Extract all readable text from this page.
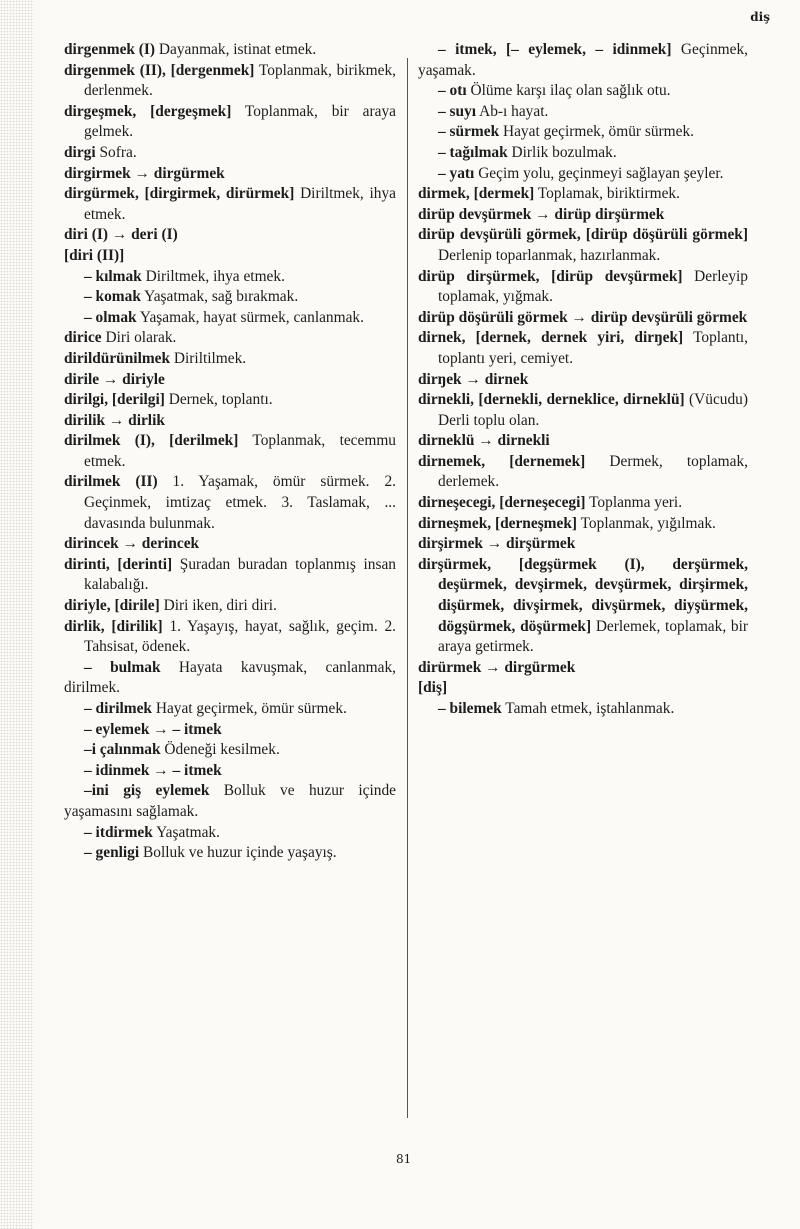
diş

dirgenmek (I) Dayanmak, istinat etmek.

dirgenmek (II), [dergenmek] Toplanmak, birikmek, derlenmek.

dirgeşmek, [dergeşmek] Toplanmak, bir araya gelmek.

dirgi Sofra.

dirgirmek → dirgürmek

dirgürmek, [dirgirmek, dirürmek] Diriltmek, ihya etmek.

diri (I) → deri (I)

[diri (II)]

– kılmak Diriltmek, ihya etmek.

– komak Yaşatmak, sağ bırakmak.

– olmak Yaşamak, hayat sürmek, canlanmak.

dirice Diri olarak.

dirildürünilmek Diriltilmek.

dirile → diriyle

dirilgi, [derilgi] Dernek, toplantı.

dirilik → dirlik

dirilmek (I), [derilmek] Toplanmak, tecemmu etmek.

dirilmek (II) 1. Yaşamak, ömür sürmek. 2. Geçinmek, imtizaç etmek. 3. Taslamak, ... davasında bulunmak.

dirincek → derincek

dirinti, [derinti] Şuradan buradan toplanmış insan kalabalığı.

diriyle, [dirile] Diri iken, diri diri.

dirlik, [dirilik] 1. Yaşayış, hayat, sağlık, geçim. 2. Tahsisat, ödenek.

– bulmak Hayata kavuşmak, canlanmak, dirilmek.

– dirilmek Hayat geçirmek, ömür sürmek.

– eylemek → – itmek

–i çalınmak Ödeneği kesilmek.

– idinmek → – itmek

–ini giş eylemek Bolluk ve huzur içinde yaşamasını sağlamak.

– itdirmek Yaşatmak.

– genligi Bolluk ve huzur içinde yaşayış.

– itmek, [– eylemek, – idinmek] Geçinmek, yaşamak.

– otı Ölüme karşı ilaç olan sağlık otu.

– suyı Ab-ı hayat.

– sürmek Hayat geçirmek, ömür sürmek.

– tağılmak Dirlik bozulmak.

– yatı Geçim yolu, geçinmeyi sağlayan şeyler.

dirmek, [dermek] Toplamak, biriktirmek.

dirüp devşürmek → dirüp dirşürmek

dirüp devşürüli görmek, [dirüp döşürüli görmek] Derlenip toparlanmak, hazırlanmak.

dirüp dirşürmek, [dirüp devşürmek] Derleyip toplamak, yığmak.

dirüp döşürüli görmek → dirüp devşürüli görmek

dirnek, [dernek, dernek yiri, dirŋek] Toplantı, toplantı yeri, cemiyet.

dirŋek → dirnek

dirnekli, [dernekli, derneklice, dirneklü] (Vücudu) Derli toplu olan.

dirneklü → dirnekli

dirnemek, [dernemek] Dermek, toplamak, derlemek.

dirneşecegi, [derneşecegi] Toplanma yeri.

dirneşmek, [derneşmek] Toplanmak, yığılmak.

dirşirmek → dirşürmek

dirşürmek, [degşürmek (I), derşürmek, deşürmek, devşirmek, devşürmek, dirşirmek, dişürmek, divşirmek, divşürmek, diyşürmek, dögşürmek, döşürmek] Derlemek, toplamak, bir araya getirmek.

dirürmek → dirgürmek

[diş]

– bilemek Tamah etmek, iştahlanmak.

81
